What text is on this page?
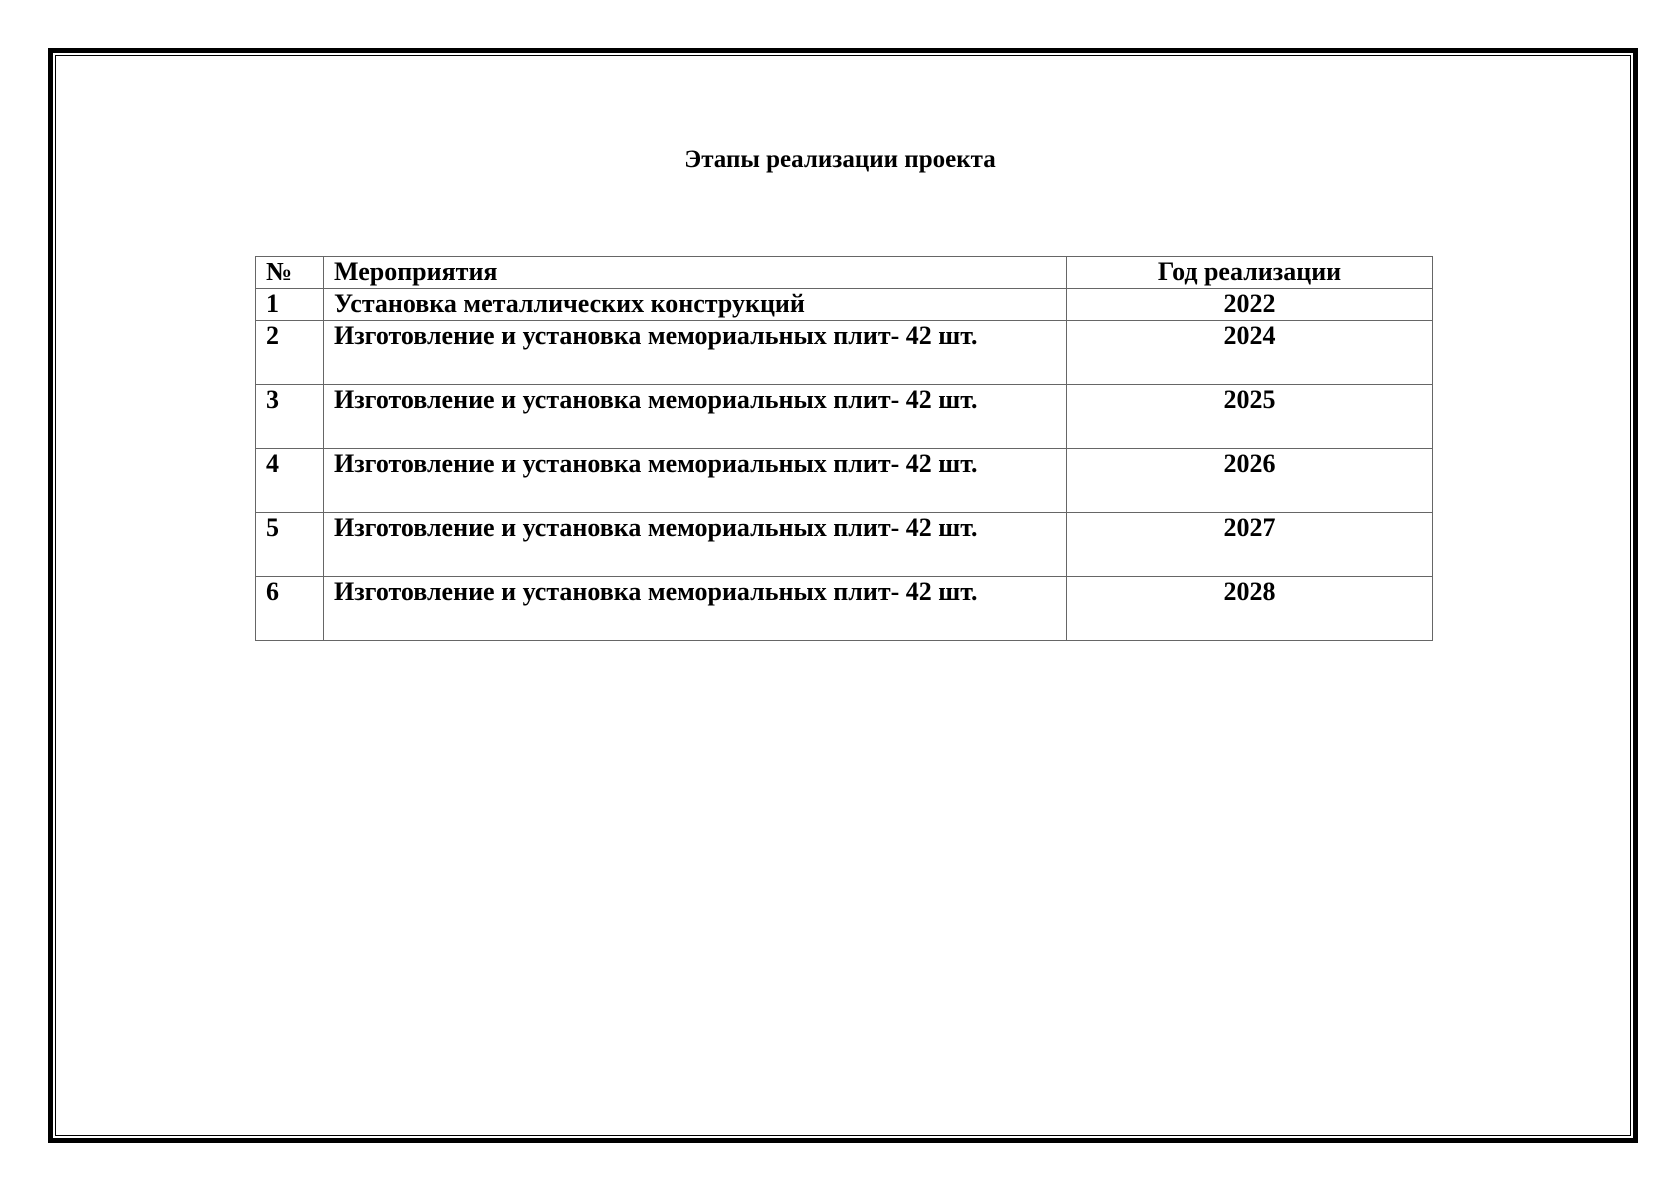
Этапы реализации проекта
№	Мероприятия	Год реализации
1	Установка металлических конструкций	2022
2	Изготовление и установка мемориальных плит- 42 шт.	2024
3	Изготовление и установка мемориальных плит- 42 шт.	2025
4	Изготовление и установка мемориальных плит- 42 шт.	2026
5	Изготовление и установка мемориальных плит- 42 шт.	2027
6	Изготовление и установка мемориальных плит- 42 шт.	2028
